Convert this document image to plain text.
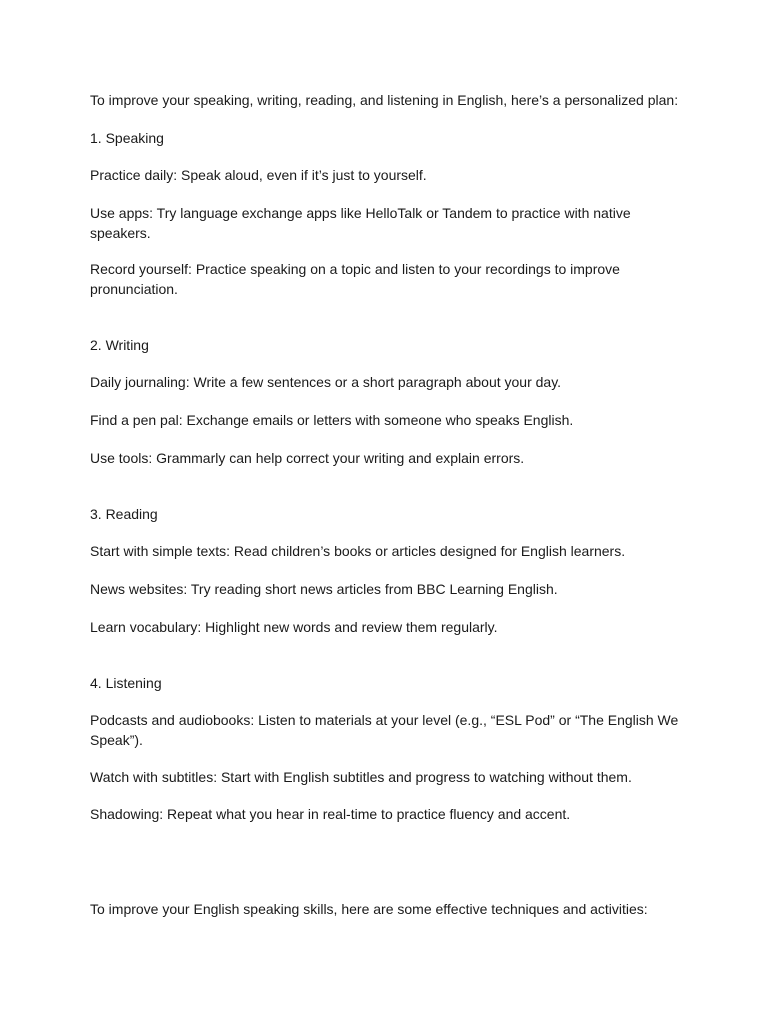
To improve your speaking, writing, reading, and listening in English, here’s a personalized plan:

1. Speaking

Practice daily: Speak aloud, even if it’s just to yourself.

Use apps: Try language exchange apps like HelloTalk or Tandem to practice with native speakers.

Record yourself: Practice speaking on a topic and listen to your recordings to improve pronunciation.

2. Writing

Daily journaling: Write a few sentences or a short paragraph about your day.

Find a pen pal: Exchange emails or letters with someone who speaks English.

Use tools: Grammarly can help correct your writing and explain errors.

3. Reading

Start with simple texts: Read children’s books or articles designed for English learners.

News websites: Try reading short news articles from BBC Learning English.

Learn vocabulary: Highlight new words and review them regularly.

4. Listening

Podcasts and audiobooks: Listen to materials at your level (e.g., “ESL Pod” or “The English We Speak”).

Watch with subtitles: Start with English subtitles and progress to watching without them.

Shadowing: Repeat what you hear in real-time to practice fluency and accent.

To improve your English speaking skills, here are some effective techniques and activities:
